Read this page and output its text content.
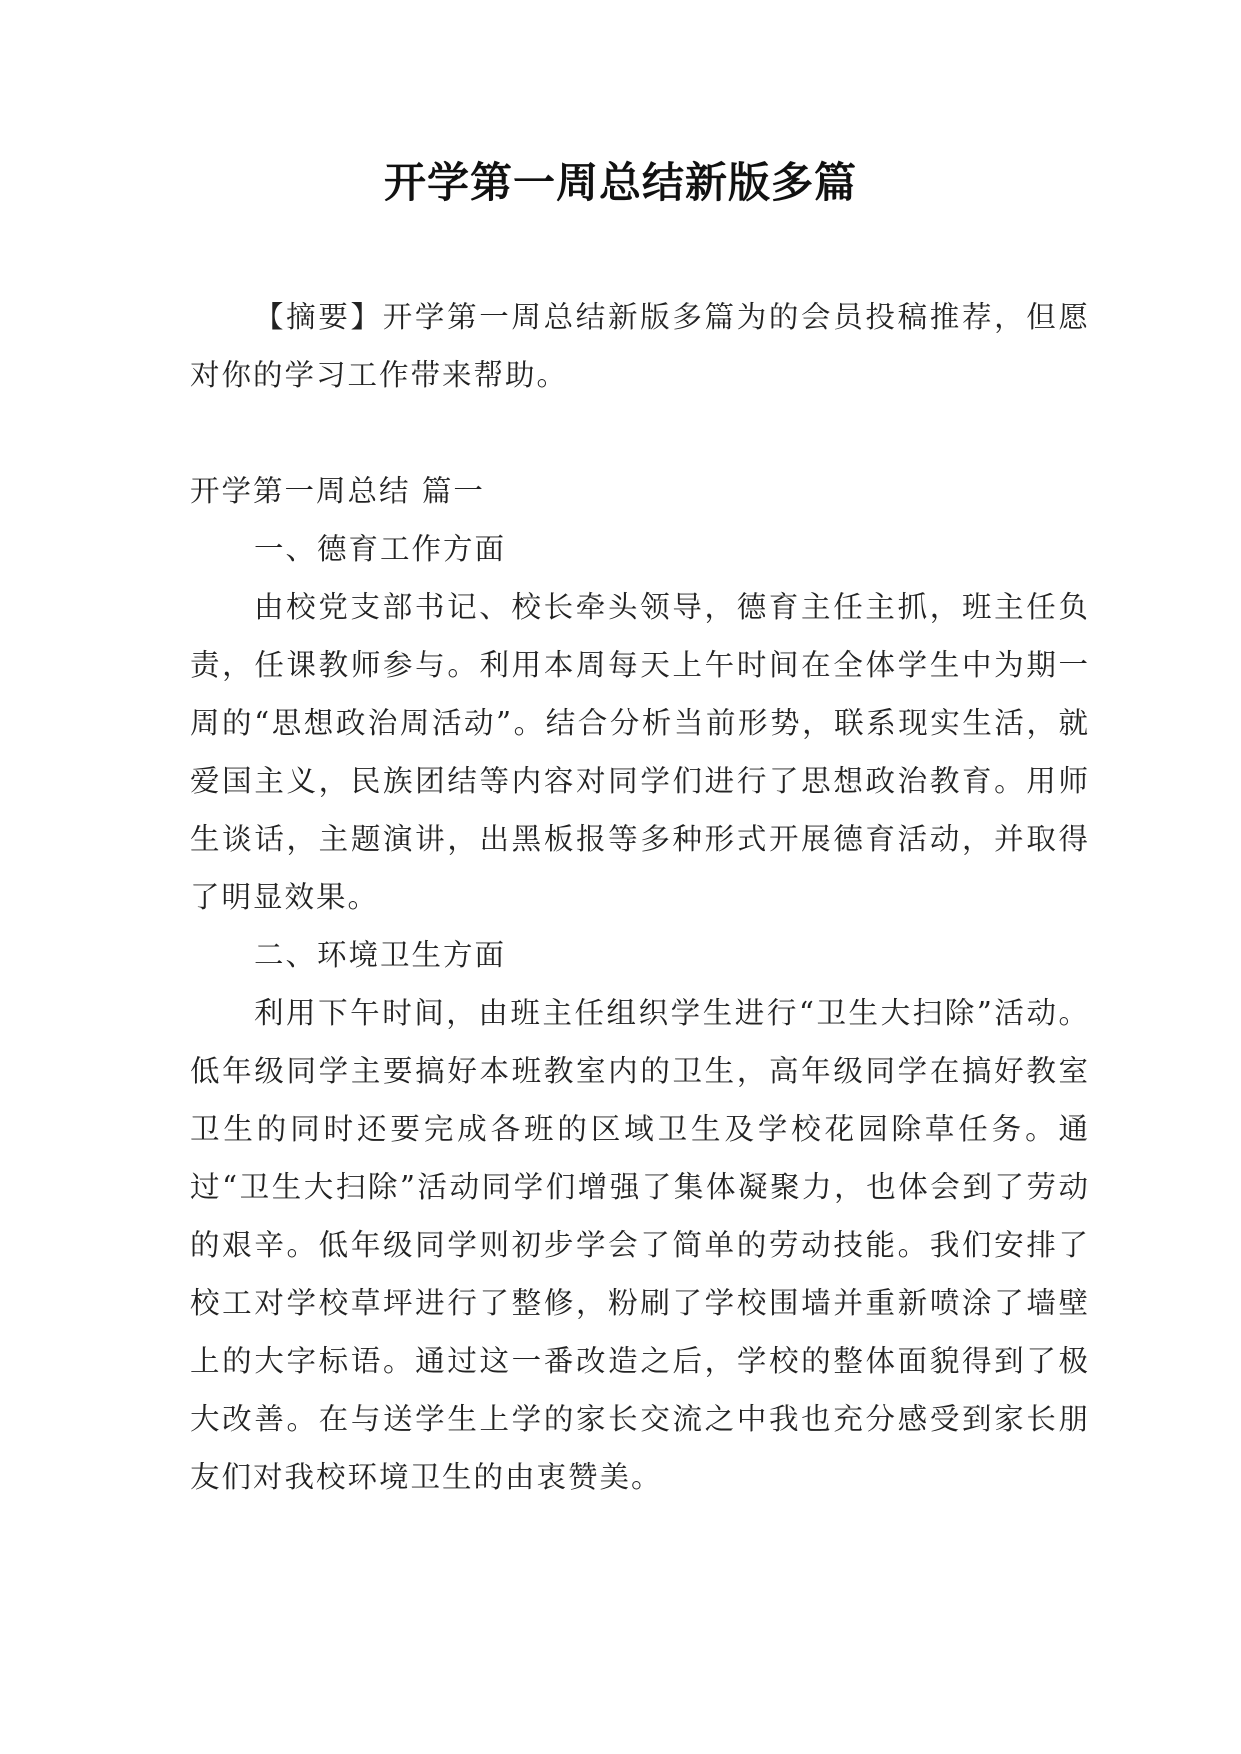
开学第一周总结新版多篇

【摘要】开学第一周总结新版多篇为的会员投稿推荐，但愿对你的学习工作带来帮助。

开学第一周总结 篇一

一、德育工作方面

由校党支部书记、校长牵头领导，德育主任主抓，班主任负责，任课教师参与。利用本周每天上午时间在全体学生中为期一周的“思想政治周活动”。结合分析当前形势，联系现实生活，就爱国主义，民族团结等内容对同学们进行了思想政治教育。用师生谈话，主题演讲，出黑板报等多种形式开展德育活动，并取得了明显效果。

二、环境卫生方面

利用下午时间，由班主任组织学生进行“卫生大扫除”活动。低年级同学主要搞好本班教室内的卫生，高年级同学在搞好教室卫生的同时还要完成各班的区域卫生及学校花园除草任务。通过“卫生大扫除”活动同学们增强了集体凝聚力，也体会到了劳动的艰辛。低年级同学则初步学会了简单的劳动技能。我们安排了校工对学校草坪进行了整修，粉刷了学校围墙并重新喷涂了墙壁上的大字标语。通过这一番改造之后，学校的整体面貌得到了极大改善。在与送学生上学的家长交流之中我也充分感受到家长朋友们对我校环境卫生的由衷赞美。
